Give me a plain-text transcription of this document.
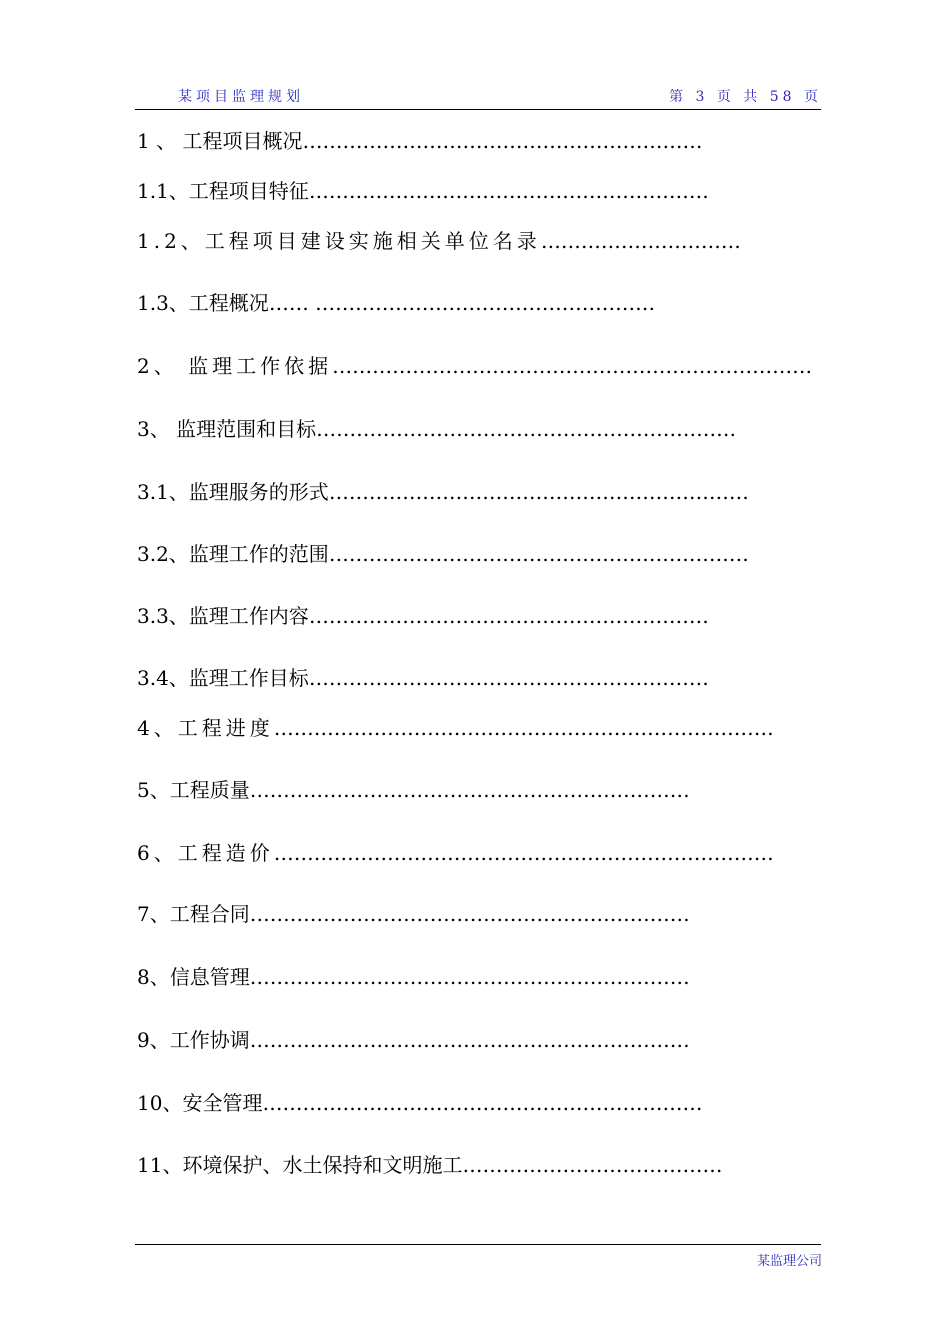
某项目监理规划	第 3 页 共 58 页
1 、 工程项目概况……………………………………………………
1.1、工程项目特征……………………………………………………
1.2、工程项目建设实施相关单位名录…………………………
1.3、工程概况…… ……………………………………………
2、 监理工作依据………………………………………………………………
3、 监理范围和目标………………………………………………………
3.1、监理服务的形式………………………………………………………
3.2、监理工作的范围………………………………………………………
3.3、监理工作内容……………………………………………………
3.4、监理工作目标……………………………………………………
4、工程进度…………………………………………………………………
5、工程质量…………………………………………………………
6、工程造价…………………………………………………………………
7、工程合同…………………………………………………………
8、信息管理…………………………………………………………
9、工作协调…………………………………………………………
10、安全管理…………………………………………………………
11、环境保护、水土保持和文明施工…………………………………
某监理公司
